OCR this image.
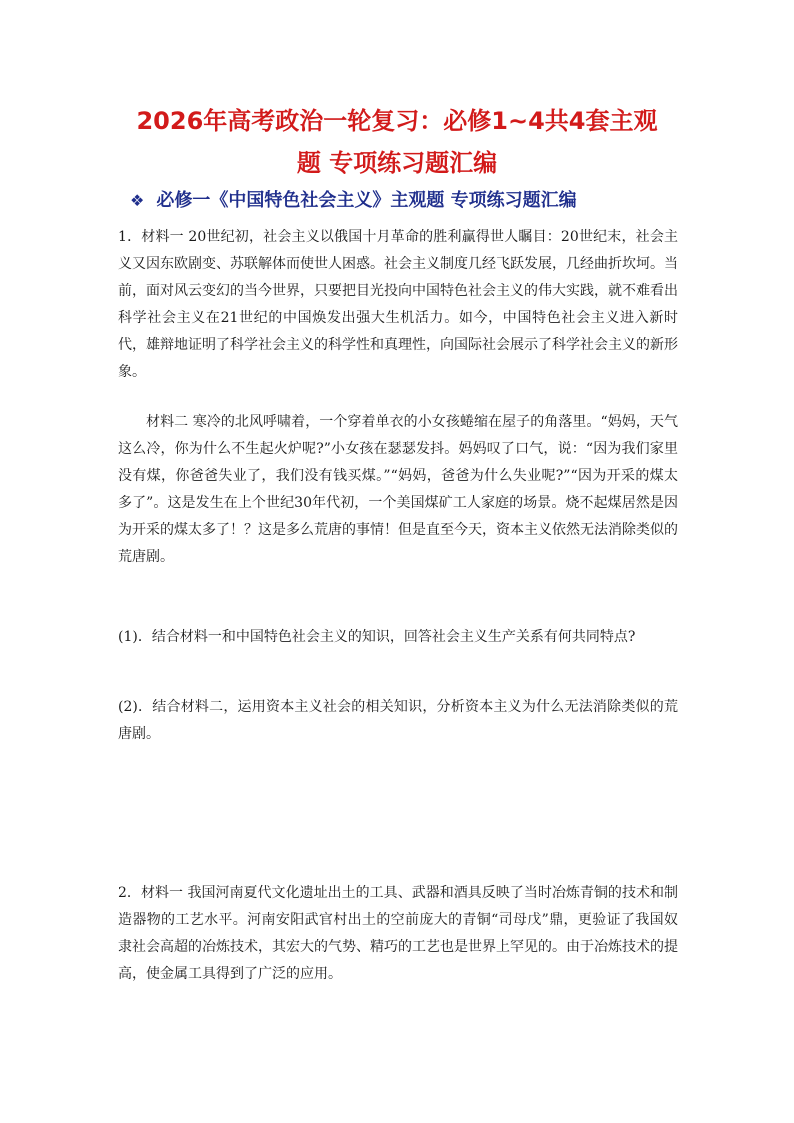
2026年高考政治一轮复习：必修1~4共4套主观
题 专项练习题汇编
❖ 必修一《中国特色社会主义》主观题 专项练习题汇编

1．材料一 20世纪初，社会主义以俄国十月革命的胜利赢得世人瞩目：20世纪末，社会主义又因东欧剧变、苏联解体而使世人困惑。社会主义制度几经飞跃发展，几经曲折坎坷。当前，面对风云变幻的当今世界，只要把目光投向中国特色社会主义的伟大实践，就不难看出科学社会主义在21世纪的中国焕发出强大生机活力。如今，中国特色社会主义进入新时代，雄辩地证明了科学社会主义的科学性和真理性，向国际社会展示了科学社会主义的新形象。

材料二 寒冷的北风呼啸着，一个穿着单衣的小女孩蜷缩在屋子的角落里。“妈妈，天气这么冷，你为什么不生起火炉呢?”小女孩在瑟瑟发抖。妈妈叹了口气，说：“因为我们家里没有煤，你爸爸失业了，我们没有钱买煤。”“妈妈，爸爸为什么失业呢?”“因为开采的煤太多了”。这是发生在上个世纪30年代初，一个美国煤矿工人家庭的场景。烧不起煤居然是因为开采的煤太多了！？这是多么荒唐的事情！但是直至今天，资本主义依然无法消除类似的荒唐剧。

(1)．结合材料一和中国特色社会主义的知识，回答社会主义生产关系有何共同特点?

(2)．结合材料二，运用资本主义社会的相关知识，分析资本主义为什么无法消除类似的荒唐剧。

2．材料一 我国河南夏代文化遗址出土的工具、武器和酒具反映了当时冶炼青铜的技术和制造器物的工艺水平。河南安阳武官村出土的空前庞大的青铜“司母戊”鼎，更验证了我国奴隶社会高超的冶炼技术，其宏大的气势、精巧的工艺也是世界上罕见的。由于冶炼技术的提高，使金属工具得到了广泛的应用。
